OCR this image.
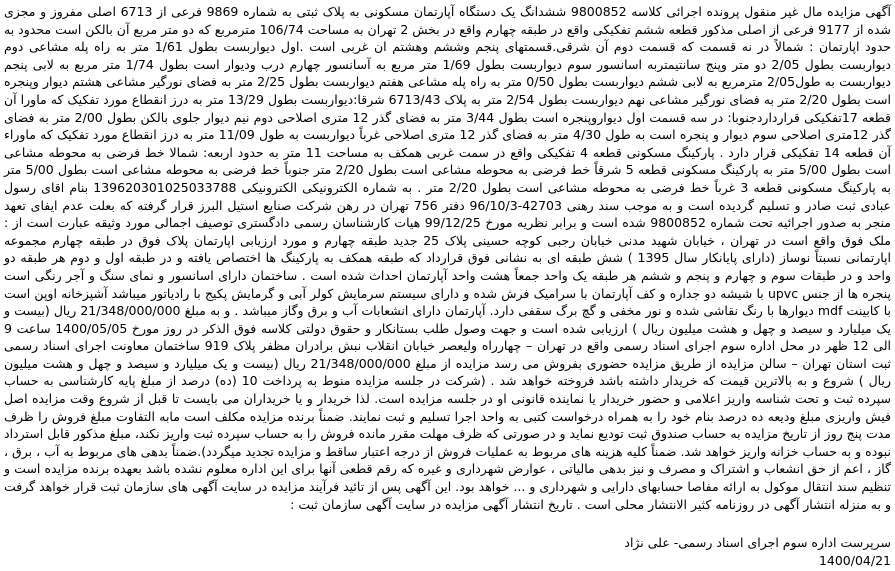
آگهی مزایده مال غیر منقول پرونده اجرائی کلاسه 9800852 ششدانگ یک دستگاه آپارتمان مسکونی به پلاک ثبتی به شماره 9869 فرعی از 6713 اصلی مفروز و مجزی شده از 9177 فرعی از اصلی مذکور قطعه ششم تفکیکی واقع در طبقه چهارم واقع در بخش 2 تهران به مساحت 106/74 مترمربع که دو متر مربع آن بالکن است محدود به حدود اپارتمان : شمالاً در نه قسمت که قسمت دوم آن شرقی.قسمتهای پنجم وششم وهشتم ان غربی است .اول دیواربست بطول 1/61 متر به راه پله مشاعی دوم دیواربست بطول 2/05 دو متر وپنج سانتیمتربه اسانسور سوم دیواربست بطول 1/69 متر مربع به آسانسور چهارم درب ودیوار است بطول 1/74 متر مربع به لابی پنجم دیواربست به طول2/05 مترمربع به لابی ششم دیواربست بطول 0/50 متر به راه پله مشاعی هفتم دیواربست بطول 2/25 متر به فضای نورگیر مشاعی هشتم دیوار وپنجره است بطول 2/20 متر به فضای نورگیر مشاعی نهم دیواربست بطول 2/54 متر به پلاک 6713/43 شرقا:دیواربست بطول 13/29 متر به درز انقطاع مورد تفکیک که ماورا آن قطعه 17تفکیکی قرارداردجنوبا: در سه قسمت اول دیواروپنجره است بطول 3/44 متر به فضای گذر 12 متری اصلاحی دوم نیم دیوار جلوی بالکن بطول 2/00 متر به فضای گذر 12متری اصلاحی سوم دیوار و پنجره است به طول 4/30 متر به فضای گذر 12 متری اصلاحی غرباً دیواربست به طول 11/09 متر به درز انقطاع مورد تفکیک که ماوراء آن قطعه 14 تفکیکی قرار دارد . پارکینگ مسکونی قطعه 4 تفکیکی واقع در سمت غربی همکف به مساحت 11 متر به حدود اربعه: شمالا خط فرضی به محوطه مشاعی است بطول 5/00 متر به پارکینگ مسکونی قطعه 5 شرقاً خط فرضی به محوطه مشاعی است بطول 2/20 متر جنوباً خط فرضی به محوطه مشاعی است بطول 5/00 متر به پارکینگ مسکونی قطعه 3 غرباً خط فرضی به محوطه مشاعی است بطول 2/20 متر . به شماره الکترونیکی الکترونیکی 139620301025033788 بنام اقای رسول عبادی ثبت صادر و تسلیم گردیده است و به موجب سند رهنی 42703-96/10/3 دفتر 756 تهران در رهن شرکت صنایع استیل البرز قرار گرفته که بعلت عدم ایفای تعهد منجر به صدور اجرائیه تحت شماره 9800852 شده است و برابر نظریه مورخ 99/12/25 هیات کارشناسان رسمی دادگستری توصیف اجمالی مورد وثیقه عبارت است از : ملک فوق واقع است در تهران ، خیابان شهید مدنی خیابان رجبی کوچه حسینی پلاک 25 جدید طبقه چهارم و مورد ارزیابی اپارتمان پلاک فوق در طبقه چهارم مجموعه اپارتمانی نسبتاً نوساز (دارای پایانکار سال 1395 ) شش طبقه ای به نشانی فوق قرارداد که طبقه همکف به پارکینگ ها اختصاص یافته و در طبقه اول و دوم هر طبقه دو واحد و در طبقات سوم و چهارم و پنجم و ششم هر طبقه یک واحد جمعاً هشت واحد آپارتمان احداث شده است . ساختمان دارای اسانسور و نمای سنگ و آجر رنگی است پنجره ها از جنس upvc با شیشه دو جداره و کف آپارتمان با سرامیک فرش شده و دارای سیستم سرمایش کولر آبی و گرمایش پکیج با رادیاتور میباشد آشپزخانه اوپن است با کابینت mdf دیوارها با رنگ نقاشی شده و نور مخفی و گچ برگ سقفی دارد. آپارتمان دارای انشعابات آب و برق وگاز میباشد . و به مبلغ 21/348/000/000 ریال (بیست و یک میلیارد و سیصد و چهل و هشت میلیون ریال ) ارزیابی شده است و جهت وصول طلب بستانکار و حقوق دولتی کلاسه فوق الذکر در روز مورخ 1400/05/05 ساعت 9 الی 12 ظهر در محل اداره سوم اجرای اسناد رسمی واقع در تهران – چهارراه ولیعصر خیابان انقلاب نبش برادران مظفر پلاک 919 ساختمان معاونت اجرای اسناد رسمی ثبت استان تهران – سالن مزایده از طریق مزایده حضوری بفروش می رسد مزایده از مبلغ 21/348/000/000 ریال (بیست و یک میلیارد و سیصد و چهل و هشت میلیون ریال ) شروع و به بالاترین قیمت که خریدار داشته باشد فروخته خواهد شد . (شرکت در جلسه مزایده منوط به پرداخت 10 (ده) درصد از مبلغ پایه کارشناسی به حساب سپرده ثبت و تحت شناسه واریز اعلامی و حضور خریدار یا نماینده قانونی او در جلسه مزایده است. لذا خریدار و یا خریداران می بایست تا قبل از شروع وقت مزایده اصل فیش واریزی مبلغ ودیعه ده درصد بنام خود را به همراه درخواست کتبی به واحد اجرا تسلیم و ثبت نمایند. ضمناً برنده مزایده مکلف است مابه التفاوت مبلغ فروش را ظرف مدت پنج روز از تاریخ مزایده به حساب صندوق ثبت تودیع نماید و در صورتی که ظرف مهلت مقرر مانده فروش را به حساب سپرده ثبت واریز نکند، مبلغ مذکور قابل استرداد نبوده و به حساب خزانه واریز خواهد شد. ضمناً کلیه هزینه های مربوط به عملیات فروش از درجه اعتبار ساقط و مزایده تجدید میگردد).ضمناً بدهی های مربوط به آب ، برق ، گاز ، اعم از حق انشعاب و اشتراک و مصرف و نیز بدهی مالیاتی ، عوارض شهرداری و غیره که رقم قطعی آنها برای این اداره معلوم نشده باشد بعهده برنده مزایده است و تنظیم سند انتقال موکول به ارائه مفاصا حسابهای دارایی و شهرداری و ... خواهد بود. این آگهی پس از تائید فرآیند مزایده در سایت آگهی های سازمان ثبت قرار خواهد گرفت و به منزله انتشار آگهی در روزنامه کثیر الانتشار محلی است . تاریخ انتشار آگهی مزایده در سایت آگهی سازمان ثبت :

سرپرست اداره سوم اجرای اسناد رسمی- علی نژاد
1400/04/21
